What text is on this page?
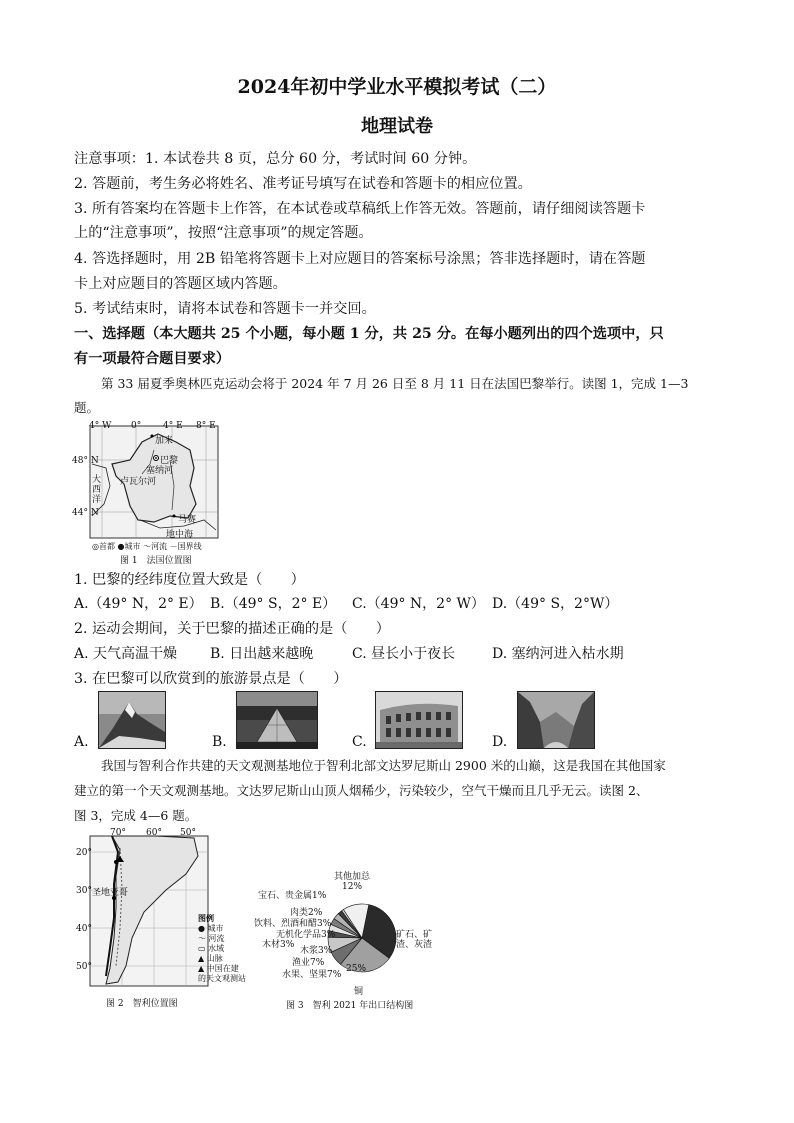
2024年初中学业水平模拟考试（二）
地理试卷
注意事项：1. 本试卷共 8 页，总分 60 分，考试时间 60 分钟。
2. 答题前，考生务必将姓名、准考证号填写在试卷和答题卡的相应位置。
3. 所有答案均在答题卡上作答，在本试卷或草稿纸上作答无效。答题前，请仔细阅读答题卡
上的“注意事项”，按照“注意事项”的规定答题。
4. 答选择题时，用 2B 铅笔将答题卡上对应题目的答案标号涂黑；答非选择题时，请在答题
卡上对应题目的答题区域内答题。
5. 考试结束时，请将本试卷和答题卡一并交回。
一、选择题（本大题共 25 个小题，每小题 1 分，共 25 分。在每小题列出的四个选项中，只
有一项最符合题目要求）
第 33 届夏季奥林匹克运动会将于 2024 年 7 月 26 日至 8 月 11 日在法国巴黎举行。读图 1，完成 1—3
题。
4° W 0° 4° E 8° E
48° N
44° N
加来
巴黎
马赛
塞纳河
卢瓦尔河
大西洋
地中海
◎首都 ●城市 〜河流 －国界线
图 1　法国位置图
1. 巴黎的经纬度位置大致是（　　）
A.（49° N，2° E） B.（49° S，2° E） C.（49° N，2° W） D.（49° S，2°W）
2. 运动会期间，关于巴黎的描述正确的是（　　）
A. 天气高温干燥 B. 日出越来越晚	C. 昼长小于夜长	D. 塞纳河进入枯水期
3. 在巴黎可以欣赏到的旅游景点是（　　）
A.	B.	C.	D.
我国与智利合作共建的天文观测基地位于智利北部文达罗尼斯山 2900 米的山巅，这是我国在其他国家
建立的第一个天文观测基地。文达罗尼斯山山顶人烟稀少，污染较少，空气干燥而且几乎无云。读图 2、
图 3，完成 4—6 题。
70° 60° 50°
20°
30°
40°
50°
圣地亚哥
图例
● 城市
〜 河流
▭ 水域
▲ 山脉
▲ 中国在建的天文观测站
图 2　智利位置图
宝石、贵金属1%
其他加总
12%
肉类2%
饮料、烈酒和醋3%
无机化学品3%
木材3%
木浆3%
渔业7%
水果、坚果7%
25%
铜
矿石、矿渣、灰渣
图 3　智利 2021 年出口结构图
